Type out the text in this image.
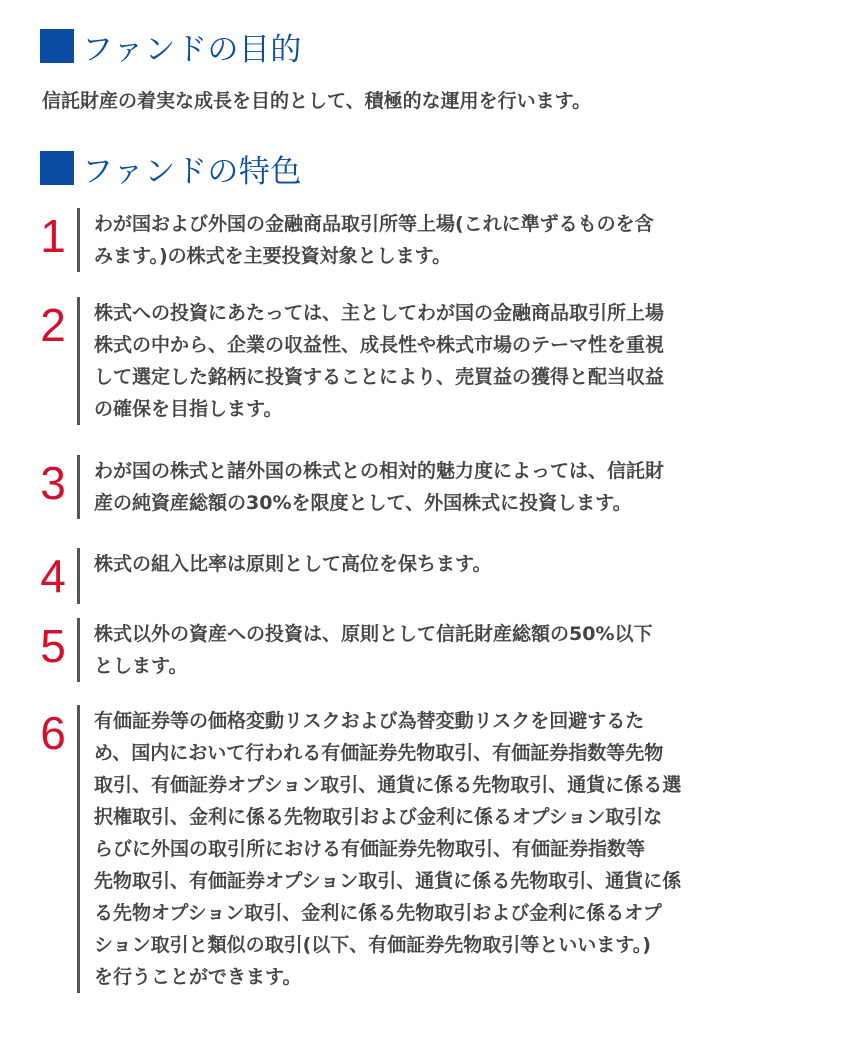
ファンドの目的
信託財産の着実な成長を目的として、積極的な運用を行います。
ファンドの特色
1 わが国および外国の金融商品取引所等上場(これに準ずるものを含
みます。)の株式を主要投資対象とします。
2 株式への投資にあたっては、主としてわが国の金融商品取引所上場
株式の中から、企業の収益性、成長性や株式市場のテーマ性を重視
して選定した銘柄に投資することにより、売買益の獲得と配当収益
の確保を目指します。
3 わが国の株式と諸外国の株式との相対的魅力度によっては、信託財
産の純資産総額の30%を限度として、外国株式に投資します。
4 株式の組入比率は原則として高位を保ちます。
5 株式以外の資産への投資は、原則として信託財産総額の50%以下
とします。
6 有価証券等の価格変動リスクおよび為替変動リスクを回避するた
め、国内において行われる有価証券先物取引、有価証券指数等先物
取引、有価証券オプション取引、通貨に係る先物取引、通貨に係る選
択権取引、金利に係る先物取引および金利に係るオプション取引な
らびに外国の取引所における有価証券先物取引、有価証券指数等
先物取引、有価証券オプション取引、通貨に係る先物取引、通貨に係
る先物オプション取引、金利に係る先物取引および金利に係るオプ
ション取引と類似の取引(以下、有価証券先物取引等といいます。)
を行うことができます。
